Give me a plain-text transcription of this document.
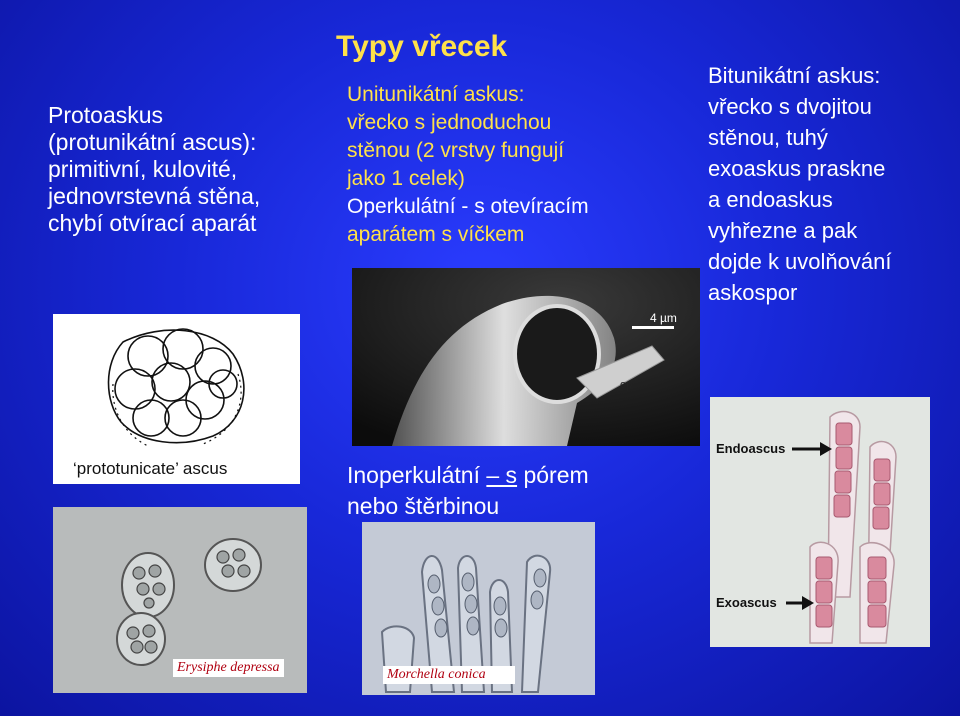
Protoaskus
(protunikátní ascus):
primitivní, kulovité,
jednovrstevná stěna,
chybí otvírací aparát
Typy vřecek
Unitunikátní askus:
vřecko s jednoduchou
stěnou (2 vrstvy fungují
jako 1 celek)
Operkulátní - s otevíracím
aparátem s víčkem
Bitunikátní askus:
vřecko s dvojitou
stěnou, tuhý
exoaskus praskne
a endoaskus
vyhřezne a pak
dojde k uvolňování
askospor
Inoperkulátní – s pórem
nebo štěrbinou
‘prototunicate’ ascus
4 µm
op
Erysiphe depressa	Morchella conica
Endoascus
Exoascus
